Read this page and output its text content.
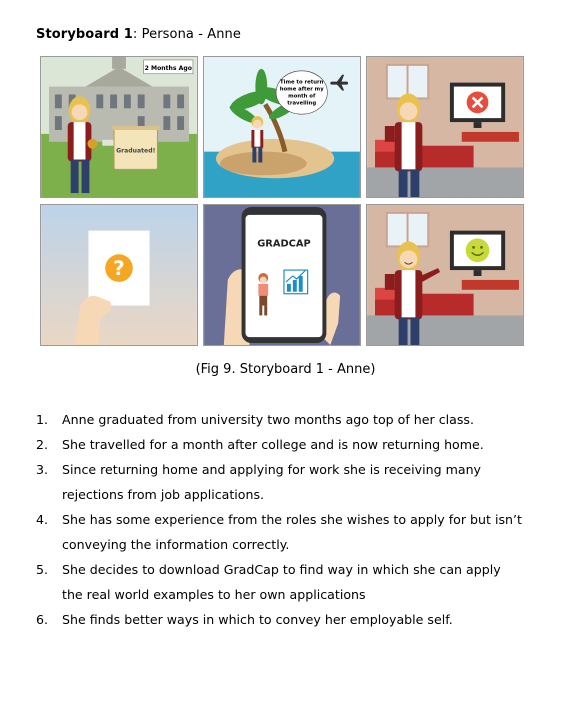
Storyboard 1: Persona - Anne
2 Months Ago
Graduated!
Time to return
home after my
month of
travelling
?
GRADCAP
(Fig 9. Storyboard 1 - Anne)
1. Anne graduated from university two months ago top of her class.
2. She travelled for a month after college and is now returning home.
3. Since returning home and applying for work she is receiving many
rejections from job applications.
4. She has some experience from the roles she wishes to apply for but isn’t
conveying the information correctly.
5. She decides to download GradCap to find way in which she can apply
the real world examples to her own applications
6. She finds better ways in which to convey her employable self.
